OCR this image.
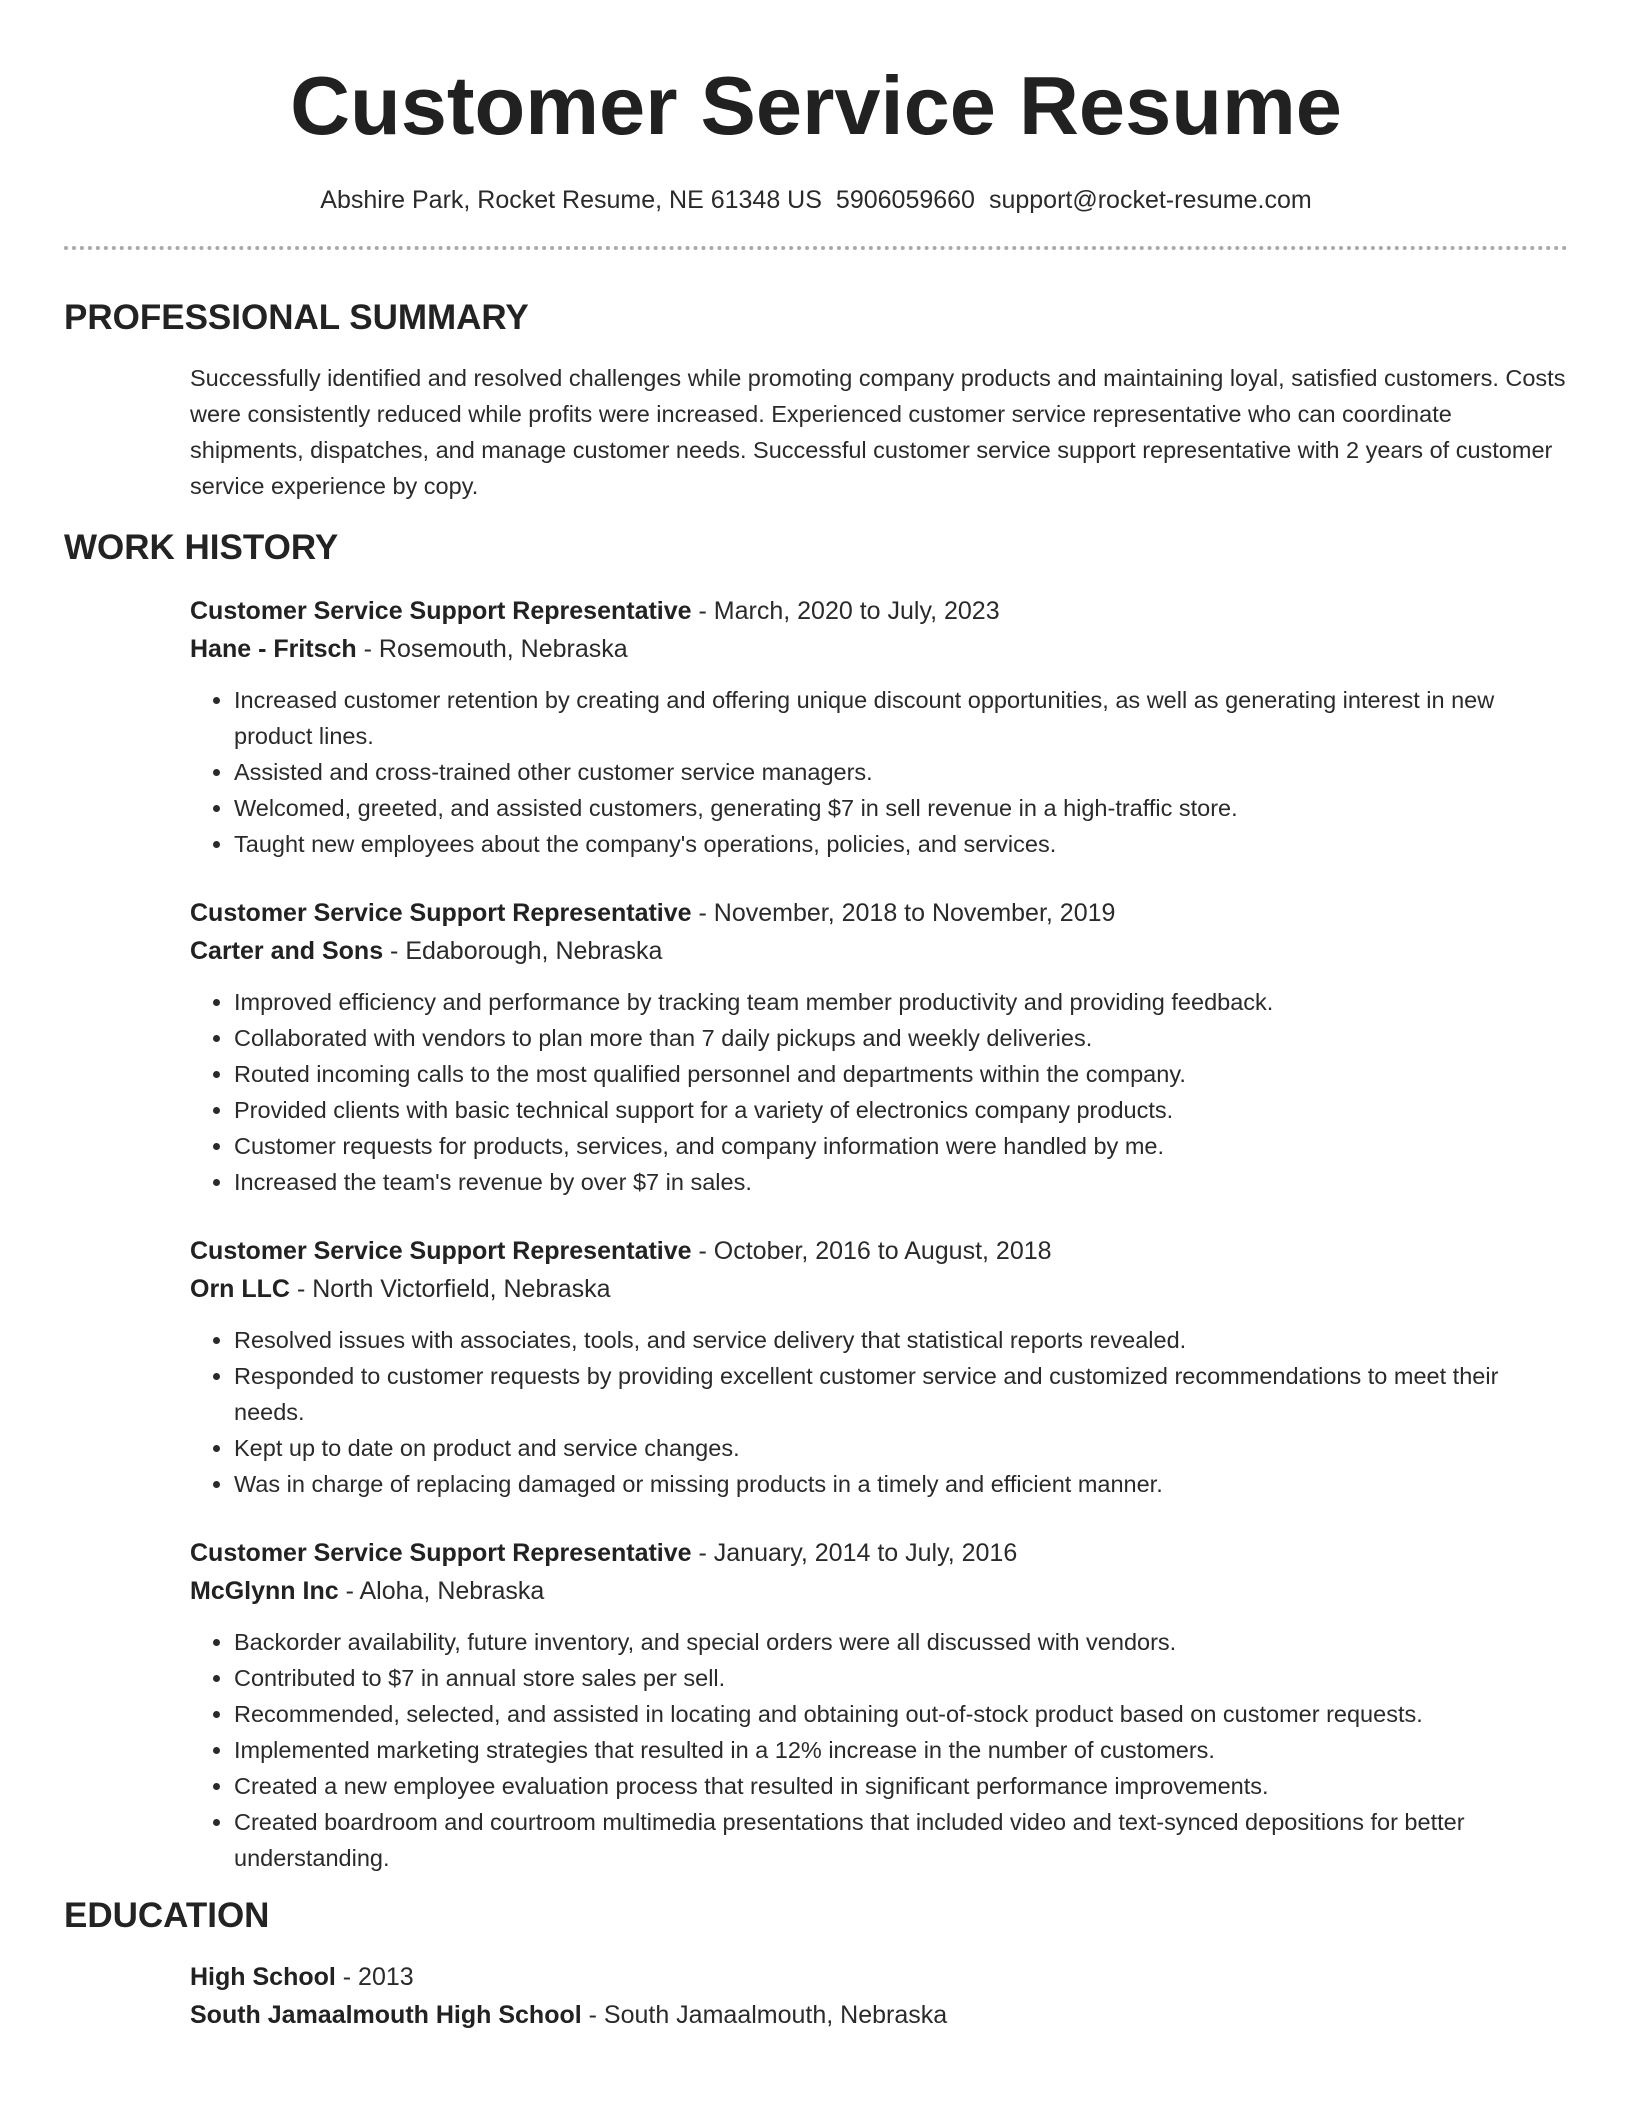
Customer Service Resume
Abshire Park, Rocket Resume, NE 61348 US 5906059660 support@rocket-resume.com
PROFESSIONAL SUMMARY
Successfully identified and resolved challenges while promoting company products and maintaining loyal, satisfied customers. Costs were consistently reduced while profits were increased. Experienced customer service representative who can coordinate shipments, dispatches, and manage customer needs. Successful customer service support representative with 2 years of customer service experience by copy.
WORK HISTORY
Customer Service Support Representative - March, 2020 to July, 2023
Hane - Fritsch - Rosemouth, Nebraska
• Increased customer retention by creating and offering unique discount opportunities, as well as generating interest in new product lines.
• Assisted and cross-trained other customer service managers.
• Welcomed, greeted, and assisted customers, generating $7 in sell revenue in a high-traffic store.
• Taught new employees about the company's operations, policies, and services.
Customer Service Support Representative - November, 2018 to November, 2019
Carter and Sons - Edaborough, Nebraska
• Improved efficiency and performance by tracking team member productivity and providing feedback.
• Collaborated with vendors to plan more than 7 daily pickups and weekly deliveries.
• Routed incoming calls to the most qualified personnel and departments within the company.
• Provided clients with basic technical support for a variety of electronics company products.
• Customer requests for products, services, and company information were handled by me.
• Increased the team's revenue by over $7 in sales.
Customer Service Support Representative - October, 2016 to August, 2018
Orn LLC - North Victorfield, Nebraska
• Resolved issues with associates, tools, and service delivery that statistical reports revealed.
• Responded to customer requests by providing excellent customer service and customized recommendations to meet their needs.
• Kept up to date on product and service changes.
• Was in charge of replacing damaged or missing products in a timely and efficient manner.
Customer Service Support Representative - January, 2014 to July, 2016
McGlynn Inc - Aloha, Nebraska
• Backorder availability, future inventory, and special orders were all discussed with vendors.
• Contributed to $7 in annual store sales per sell.
• Recommended, selected, and assisted in locating and obtaining out-of-stock product based on customer requests.
• Implemented marketing strategies that resulted in a 12% increase in the number of customers.
• Created a new employee evaluation process that resulted in significant performance improvements.
• Created boardroom and courtroom multimedia presentations that included video and text-synced depositions for better understanding.
EDUCATION
High School - 2013
South Jamaalmouth High School - South Jamaalmouth, Nebraska
